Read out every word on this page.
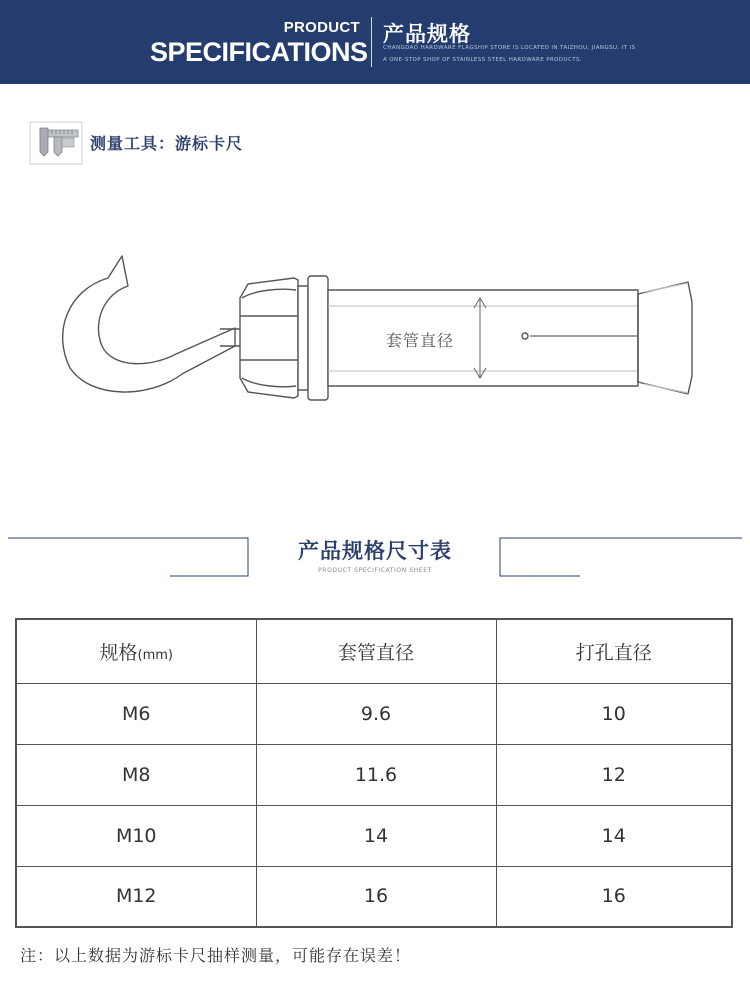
PRODUCT
SPECIFICATIONS
产品规格
CHANGDAO HARDWARE FLAGSHIP STORE IS LOCATED IN TAIZHOU, JIANGSU. IT IS
A ONE-STOP SHOP OF STAINLESS STEEL HARDWARE PRODUCTS.
测量工具：游标卡尺
套管直径
产品规格尺寸表
PRODUCT SPECIFICATION SHEET
规格(mm)	套管直径	打孔直径
M6	9.6	10
M8	11.6	12
M10	14	14
M12	16	16
注：以上数据为游标卡尺抽样测量，可能存在误差！
